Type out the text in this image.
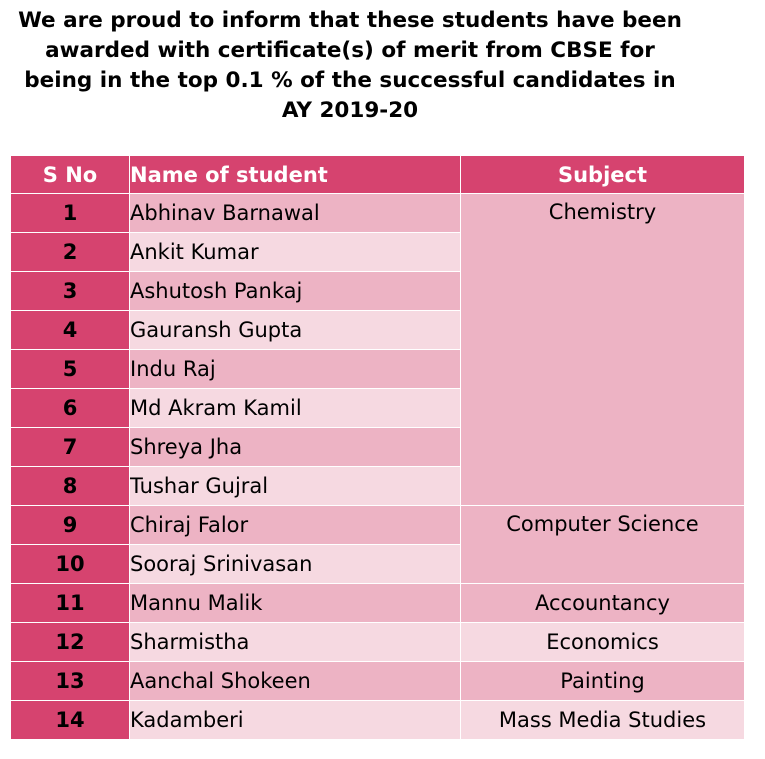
We are proud to inform that these students have been
awarded with certificate(s) of merit from CBSE for
being in the top 0.1 % of the successful candidates in
AY 2019-20
S No	Name of student	Subject
1	Abhinav Barnawal	Chemistry
2	Ankit Kumar	
3	Ashutosh Pankaj	
4	Gauransh Gupta	
5	Indu Raj	
6	Md Akram Kamil	
7	Shreya Jha	
8	Tushar Gujral	
9	Chiraj Falor	Computer Science
10	Sooraj Srinivasan	
11	Mannu Malik	Accountancy
12	Sharmistha	Economics
13	Aanchal Shokeen	Painting
14	Kadamberi	Mass Media Studies
